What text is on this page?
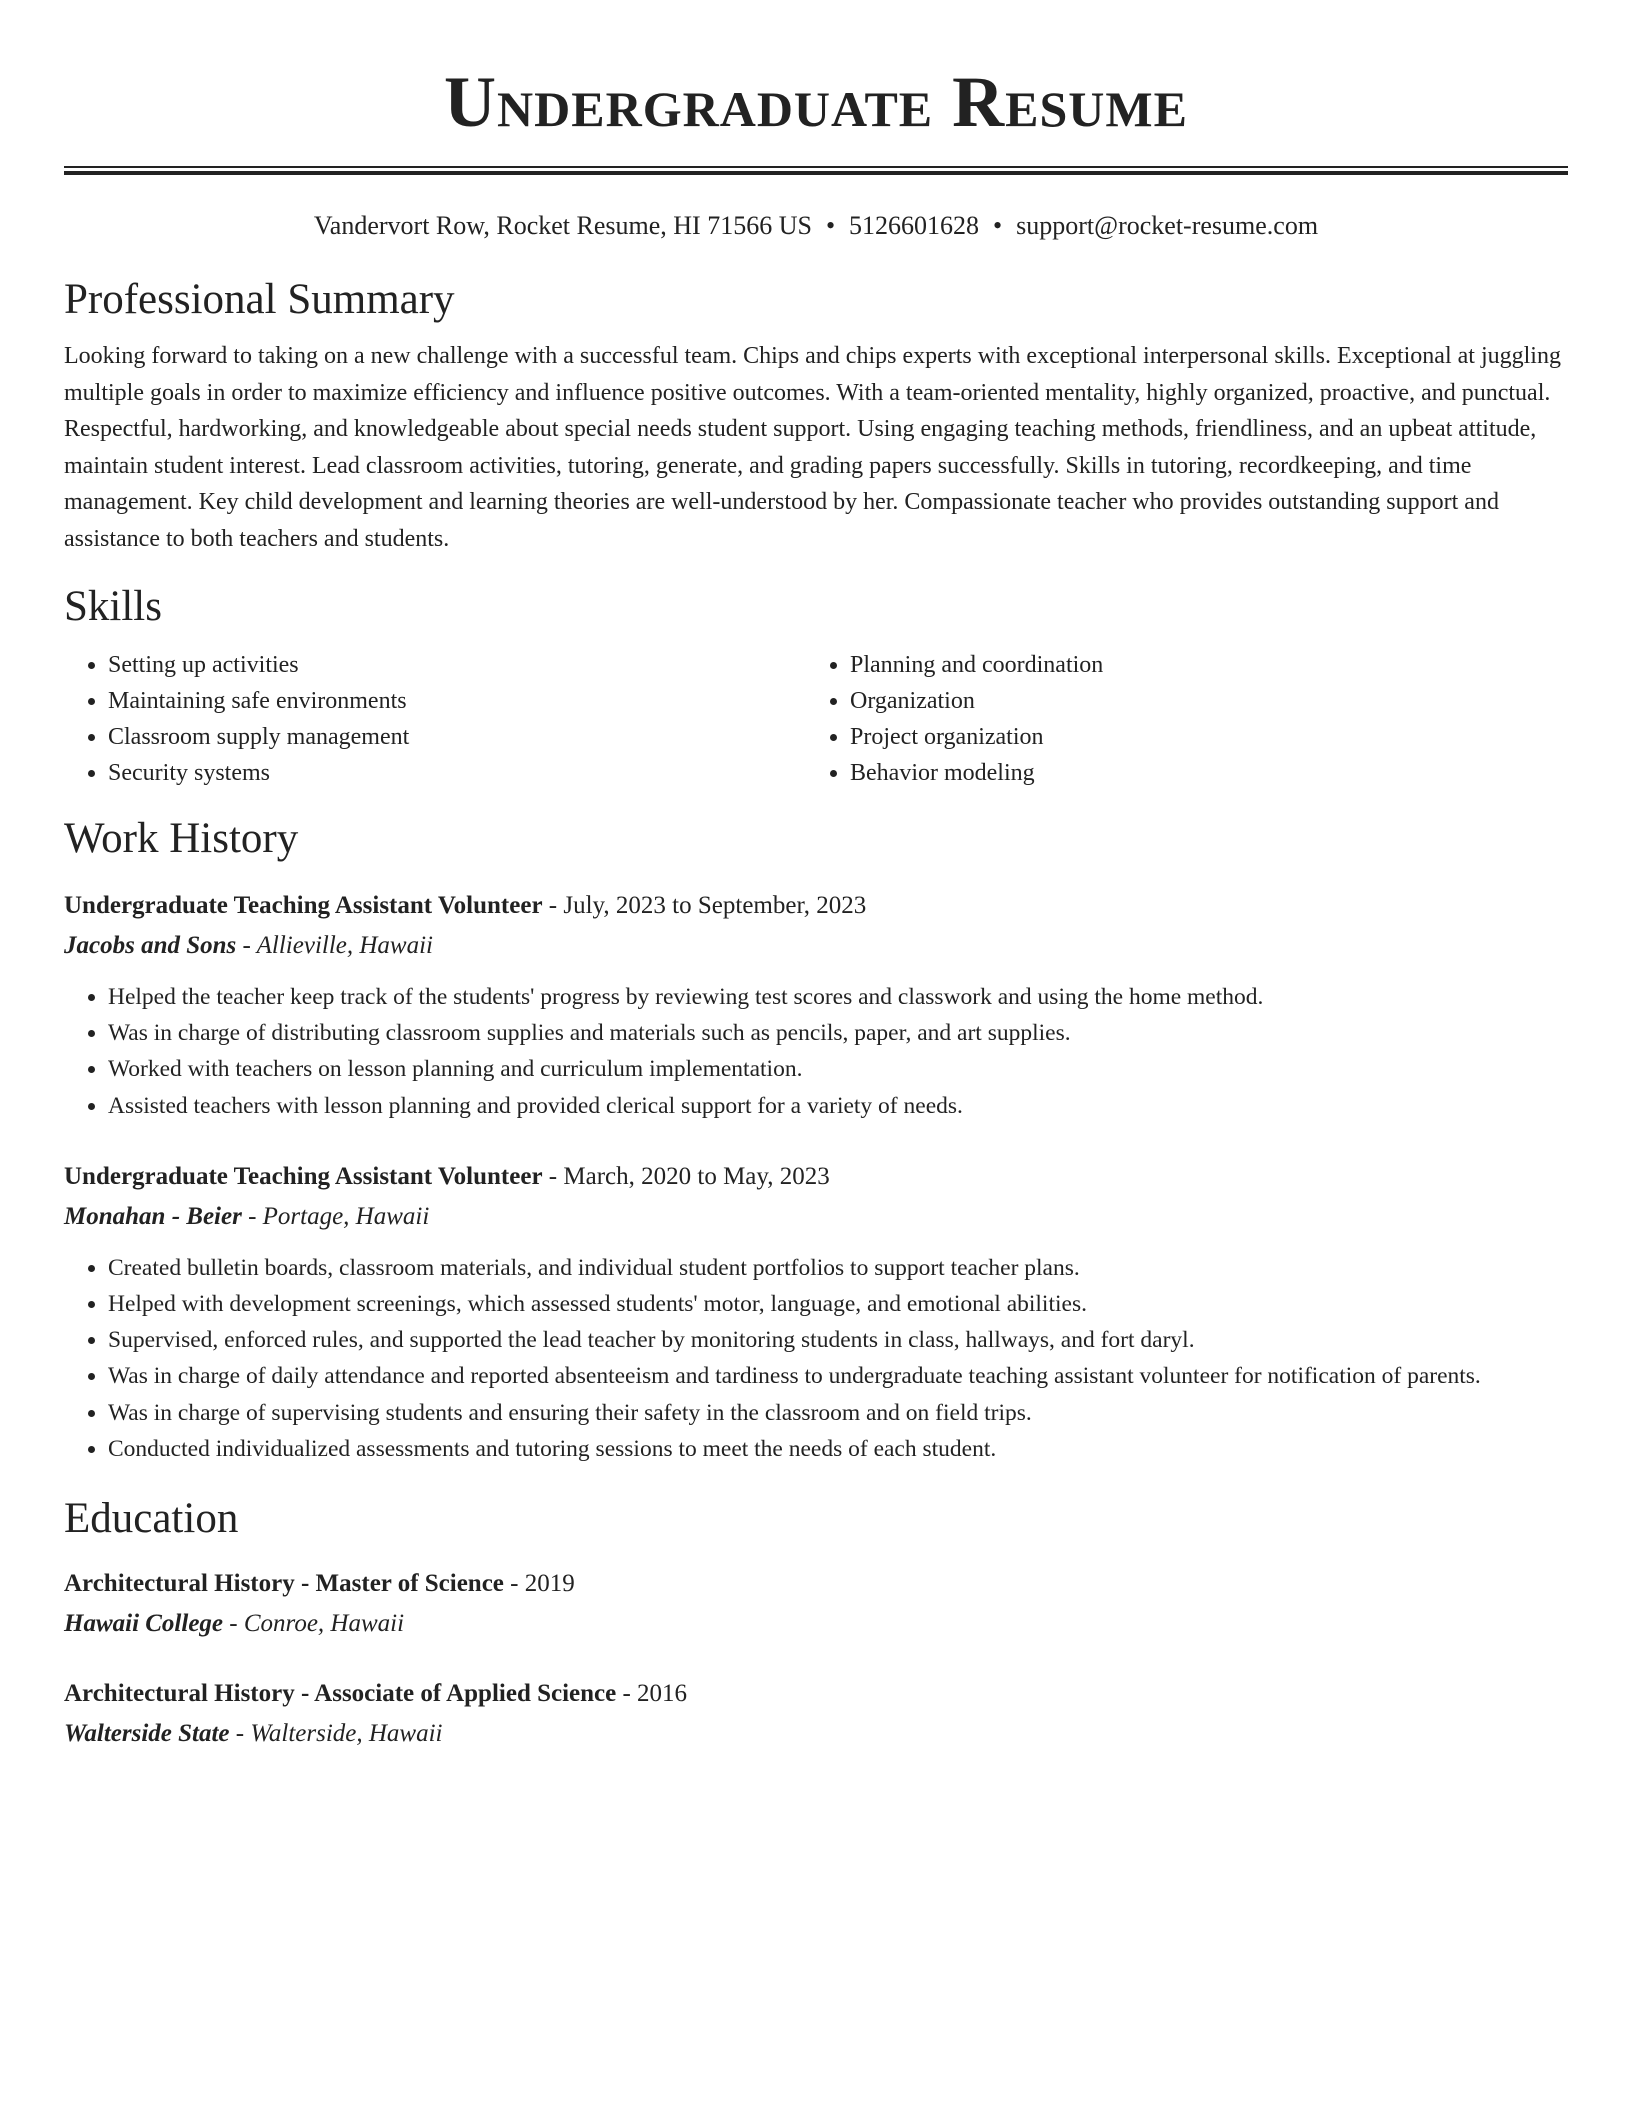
Undergraduate Resume
Vandervort Row, Rocket Resume, HI 71566 US • 5126601628 • support@rocket-resume.com
Professional Summary

Looking forward to taking on a new challenge with a successful team. Chips and chips experts with exceptional interpersonal skills. Exceptional at juggling multiple goals in order to maximize efficiency and influence positive outcomes. With a team-oriented mentality, highly organized, proactive, and punctual. Respectful, hardworking, and knowledgeable about special needs student support. Using engaging teaching methods, friendliness, and an upbeat attitude, maintain student interest. Lead classroom activities, tutoring, generate, and grading papers successfully. Skills in tutoring, recordkeeping, and time management. Key child development and learning theories are well-understood by her. Compassionate teacher who provides outstanding support and assistance to both teachers and students.

Skills
• Setting up activities
• Maintaining safe environments
• Classroom supply management
• Security systems
• Planning and coordination
• Organization
• Project organization
• Behavior modeling
Work History
Undergraduate Teaching Assistant Volunteer - July, 2023 to September, 2023
Jacobs and Sons - Allieville, Hawaii
• Helped the teacher keep track of the students' progress by reviewing test scores and classwork and using the home method.
• Was in charge of distributing classroom supplies and materials such as pencils, paper, and art supplies.
• Worked with teachers on lesson planning and curriculum implementation.
• Assisted teachers with lesson planning and provided clerical support for a variety of needs.
Undergraduate Teaching Assistant Volunteer - March, 2020 to May, 2023
Monahan - Beier - Portage, Hawaii
• Created bulletin boards, classroom materials, and individual student portfolios to support teacher plans.
• Helped with development screenings, which assessed students' motor, language, and emotional abilities.
• Supervised, enforced rules, and supported the lead teacher by monitoring students in class, hallways, and fort daryl.
• Was in charge of daily attendance and reported absenteeism and tardiness to undergraduate teaching assistant volunteer for notification of parents.
• Was in charge of supervising students and ensuring their safety in the classroom and on field trips.
• Conducted individualized assessments and tutoring sessions to meet the needs of each student.
Education
Architectural History - Master of Science - 2019
Hawaii College - Conroe, Hawaii
Architectural History - Associate of Applied Science - 2016
Walterside State - Walterside, Hawaii
